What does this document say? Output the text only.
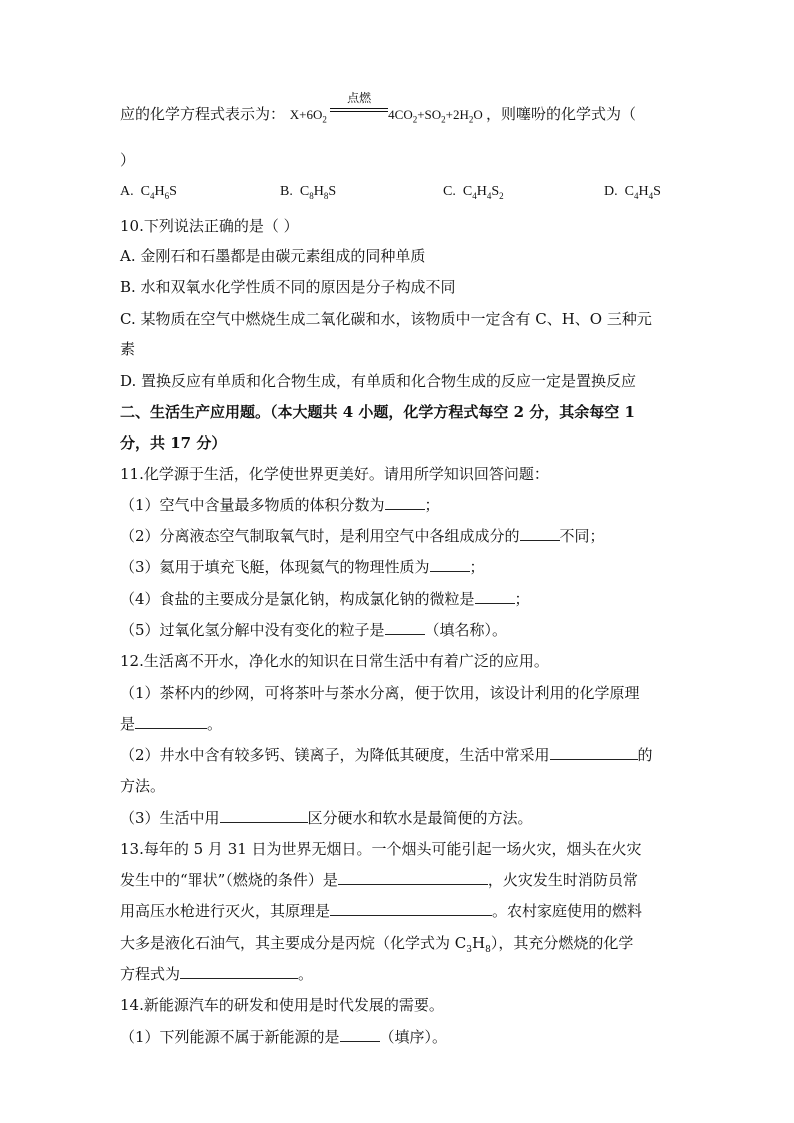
应的化学方程式表示为： $X+6O_2$
点燃
$4CO_2+SO_2+2H_2O$ ，则噻吩的化学式为（
）
A. $C_4H_6S$	B. $C_8H_8S$	C. $C_4H_4S_2$	D. $C_4H_4S$
10.下列说法正确的是（ ）
A. 金刚石和石墨都是由碳元素组成的同种单质
B. 水和双氧水化学性质不同的原因是分子构成不同
C. 某物质在空气中燃烧生成二氧化碳和水，该物质中一定含有 C、H、O 三种元
素
D. 置换反应有单质和化合物生成，有单质和化合物生成的反应一定是置换反应
二、生活生产应用题。（本大题共 4 小题，化学方程式每空 2 分，其余每空 1
分，共 17 分）
11.化学源于生活，化学使世界更美好。请用所学知识回答问题：
（1）空气中含量最多物质的体积分数为	；
（2）分离液态空气制取氧气时，是利用空气中各组成成分的	不同；
（3）氦用于填充飞艇，体现氦气的物理性质为	；
（4）食盐的主要成分是氯化钠，构成氯化钠的微粒是	；
（5）过氧化氢分解中没有变化的粒子是	（填名称）。
12.生活离不开水，净化水的知识在日常生活中有着广泛的应用。
（1）茶杯内的纱网，可将茶叶与茶水分离，便于饮用，该设计利用的化学原理
是	。
（2）井水中含有较多钙、镁离子，为降低其硬度，生活中常采用	的
方法。
（3）生活中用	区分硬水和软水是最简便的方法。
13.每年的 5 月 31 日为世界无烟日。一个烟头可能引起一场火灾，烟头在火灾
发生中的“罪状”（燃烧的条件）是	，火灾发生时消防员常
用高压水枪进行灭火，其原理是	。农村家庭使用的燃料
大多是液化石油气，其主要成分是丙烷（化学式为 $C_3H_8$），其充分燃烧的化学
方程式为	。
14.新能源汽车的研发和使用是时代发展的需要。
（1）下列能源不属于新能源的是	（填序）。
